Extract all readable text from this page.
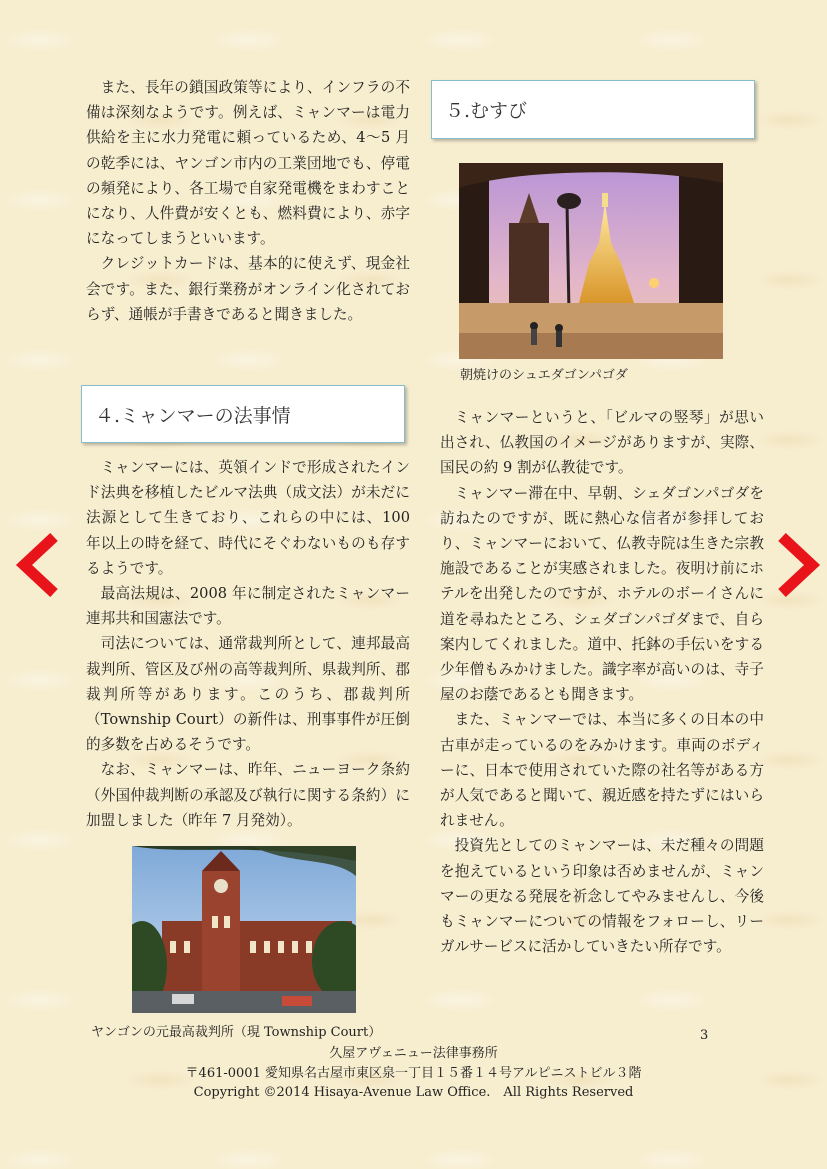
また、長年の鎖国政策等により、インフラの不備は深刻なようです。例えば、ミャンマーは電力供給を主に水力発電に頼っているため、4〜5 月の乾季には、ヤンゴン市内の工業団地でも、停電の頻発により、各工場で自家発電機をまわすことになり、人件費が安くとも、燃料費により、赤字になってしまうといいます。

クレジットカードは、基本的に使えず、現金社会です。また、銀行業務がオンライン化されておらず、通帳が手書きであると聞きました。

４.ミャンマーの法事情

ミャンマーには、英領インドで形成されたインド法典を移植したビルマ法典（成文法）が未だに法源として生きており、これらの中には、100 年以上の時を経て、時代にそぐわないものも存するようです。

最高法規は、2008 年に制定されたミャンマー連邦共和国憲法です。

司法については、通常裁判所として、連邦最高裁判所、管区及び州の高等裁判所、県裁判所、郡裁判所等があります。このうち、郡裁判所（Township Court）の新件は、刑事事件が圧倒的多数を占めるそうです。

なお、ミャンマーは、昨年、ニューヨーク条約（外国仲裁判断の承認及び執行に関する条約）に加盟しました（昨年 7 月発効）。

ヤンゴンの元最高裁判所（現 Township Court）
５.むすび
朝焼けのシュエダゴンパゴダ

ミャンマーというと、「ビルマの竪琴」が思い出され、仏教国のイメージがありますが、実際、国民の約 9 割が仏教徒です。

ミャンマー滞在中、早朝、シェダゴンパゴダを訪ねたのですが、既に熱心な信者が参拝しており、ミャンマーにおいて、仏教寺院は生きた宗教施設であることが実感されました。夜明け前にホテルを出発したのですが、ホテルのボーイさんに道を尋ねたところ、シェダゴンパゴダまで、自ら案内してくれました。道中、托鉢の手伝いをする少年僧もみかけました。識字率が高いのは、寺子屋のお蔭であるとも聞きます。

また、ミャンマーでは、本当に多くの日本の中古車が走っているのをみかけます。車両のボディーに、日本で使用されていた際の社名等がある方が人気であると聞いて、親近感を持たずにはいられません。

投資先としてのミャンマーは、未だ種々の問題を抱えているという印象は否めませんが、ミャンマーの更なる発展を祈念してやみませんし、今後もミャンマーについての情報をフォローし、リーガルサービスに活かしていきたい所存です。

3
久屋アヴェニュー法律事務所
〒461-0001 愛知県名古屋市東区泉一丁目１５番１４号アルピニストビル３階
Copyright ©2014 Hisaya-Avenue Law Office.　All Rights Reserved
